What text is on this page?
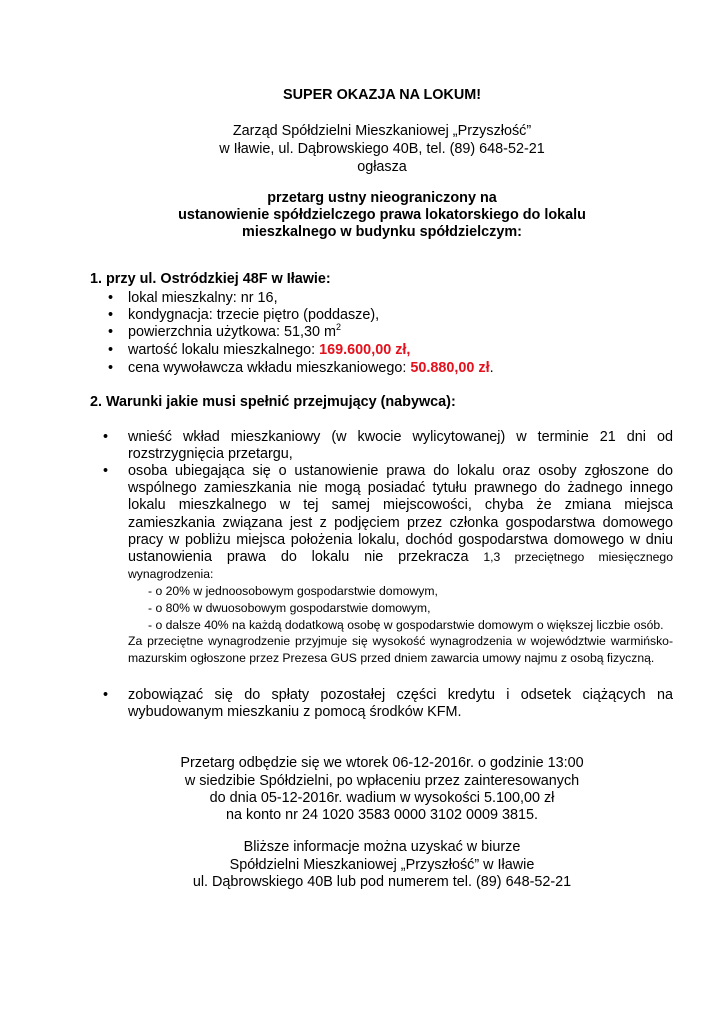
SUPER OKAZJA NA LOKUM!
Zarząd Spółdzielni Mieszkaniowej „Przyszłość”
w Iławie, ul. Dąbrowskiego 40B, tel. (89) 648-52-21
ogłasza
przetarg ustny nieograniczony na
ustanowienie spółdzielczego prawa lokatorskiego do lokalu
mieszkalnego w budynku spółdzielczym:
1. przy ul. Ostródzkiej 48F w Iławie:
• lokal mieszkalny: nr 16,
• kondygnacja: trzecie piętro (poddasze),
• powierzchnia użytkowa: 51,30 $m^2$
• wartość lokalu mieszkalnego: 169.600,00 zł,
• cena wywoławcza wkładu mieszkaniowego: 50.880,00 zł.
2. Warunki jakie musi spełnić przejmujący (nabywca):
• wnieść wkład mieszkaniowy (w kwocie wylicytowanej) w terminie 21 dni od rozstrzygnięcia przetargu,
• osoba ubiegająca się o ustanowienie prawa do lokalu oraz osoby zgłoszone do wspólnego zamieszkania nie mogą posiadać tytułu prawnego do żadnego innego lokalu mieszkalnego w tej samej miejscowości, chyba że zmiana miejsca zamieszkania związana jest z podjęciem przez członka gospodarstwa domowego pracy w pobliżu miejsca położenia lokalu, dochód gospodarstwa domowego w dniu ustanowienia prawa do lokalu nie przekracza 1,3 przeciętnego miesięcznego wynagrodzenia:
- o 20% w jednoosobowym gospodarstwie domowym,
- o 80% w dwuosobowym gospodarstwie domowym,
- o dalsze 40% na każdą dodatkową osobę w gospodarstwie domowym o większej liczbie osób.
Za przeciętne wynagrodzenie przyjmuje się wysokość wynagrodzenia w województwie warmińsko-mazurskim ogłoszone przez Prezesa GUS przed dniem zawarcia umowy najmu z osobą fizyczną.
• zobowiązać się do spłaty pozostałej części kredytu i odsetek ciążących na wybudowanym mieszkaniu z pomocą środków KFM.
Przetarg odbędzie się we wtorek 06-12-2016r. o godzinie 13:00
w siedzibie Spółdzielni, po wpłaceniu przez zainteresowanych
do dnia 05-12-2016r. wadium w wysokości 5.100,00 zł
na konto nr 24 1020 3583 0000 3102 0009 3815.
Bliższe informacje można uzyskać w biurze
Spółdzielni Mieszkaniowej „Przyszłość” w Iławie
ul. Dąbrowskiego 40B lub pod numerem tel. (89) 648-52-21
